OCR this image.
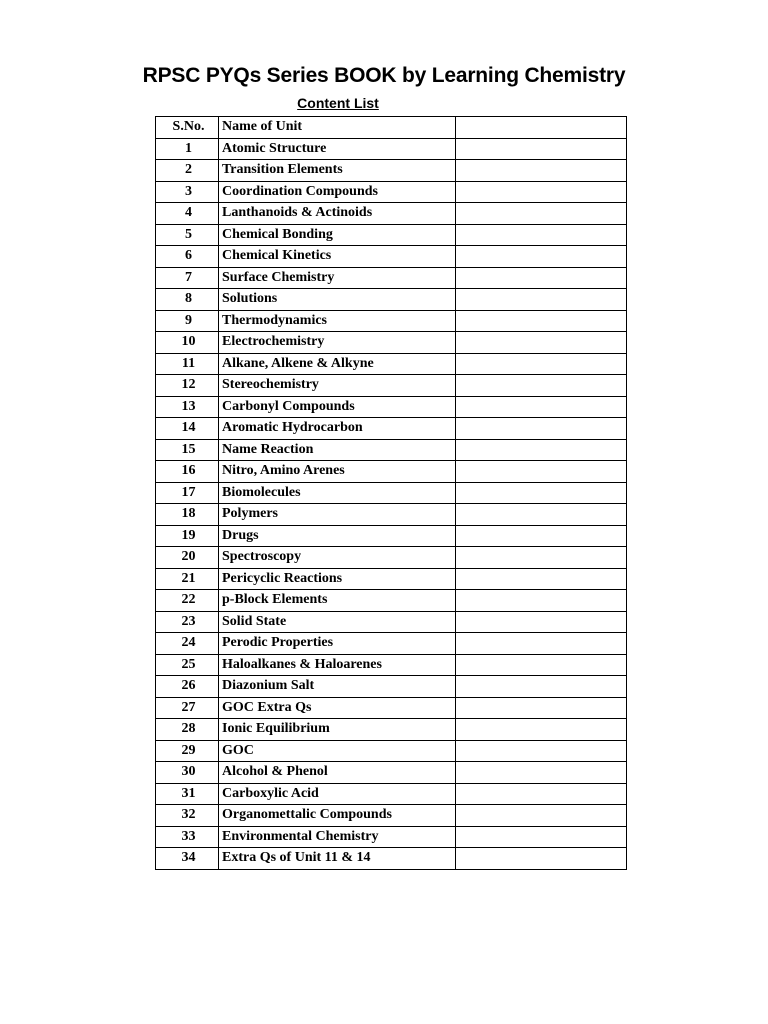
RPSC PYQs Series BOOK by Learning Chemistry
Content List
S.No.	Name of Unit	
1	Atomic Structure	
2	Transition Elements	
3	Coordination Compounds	
4	Lanthanoids & Actinoids	
5	Chemical Bonding	
6	Chemical Kinetics	
7	Surface Chemistry	
8	Solutions	
9	Thermodynamics	
10	Electrochemistry	
11	Alkane, Alkene & Alkyne	
12	Stereochemistry	
13	Carbonyl Compounds	
14	Aromatic Hydrocarbon	
15	Name Reaction	
16	Nitro, Amino Arenes	
17	Biomolecules	
18	Polymers	
19	Drugs	
20	Spectroscopy	
21	Pericyclic Reactions	
22	p-Block Elements	
23	Solid State	
24	Perodic Properties	
25	Haloalkanes & Haloarenes	
26	Diazonium Salt	
27	GOC Extra Qs	
28	Ionic Equilibrium	
29	GOC	
30	Alcohol & Phenol	
31	Carboxylic Acid	
32	Organomettalic Compounds	
33	Environmental Chemistry	
34	Extra Qs of Unit 11 & 14	
